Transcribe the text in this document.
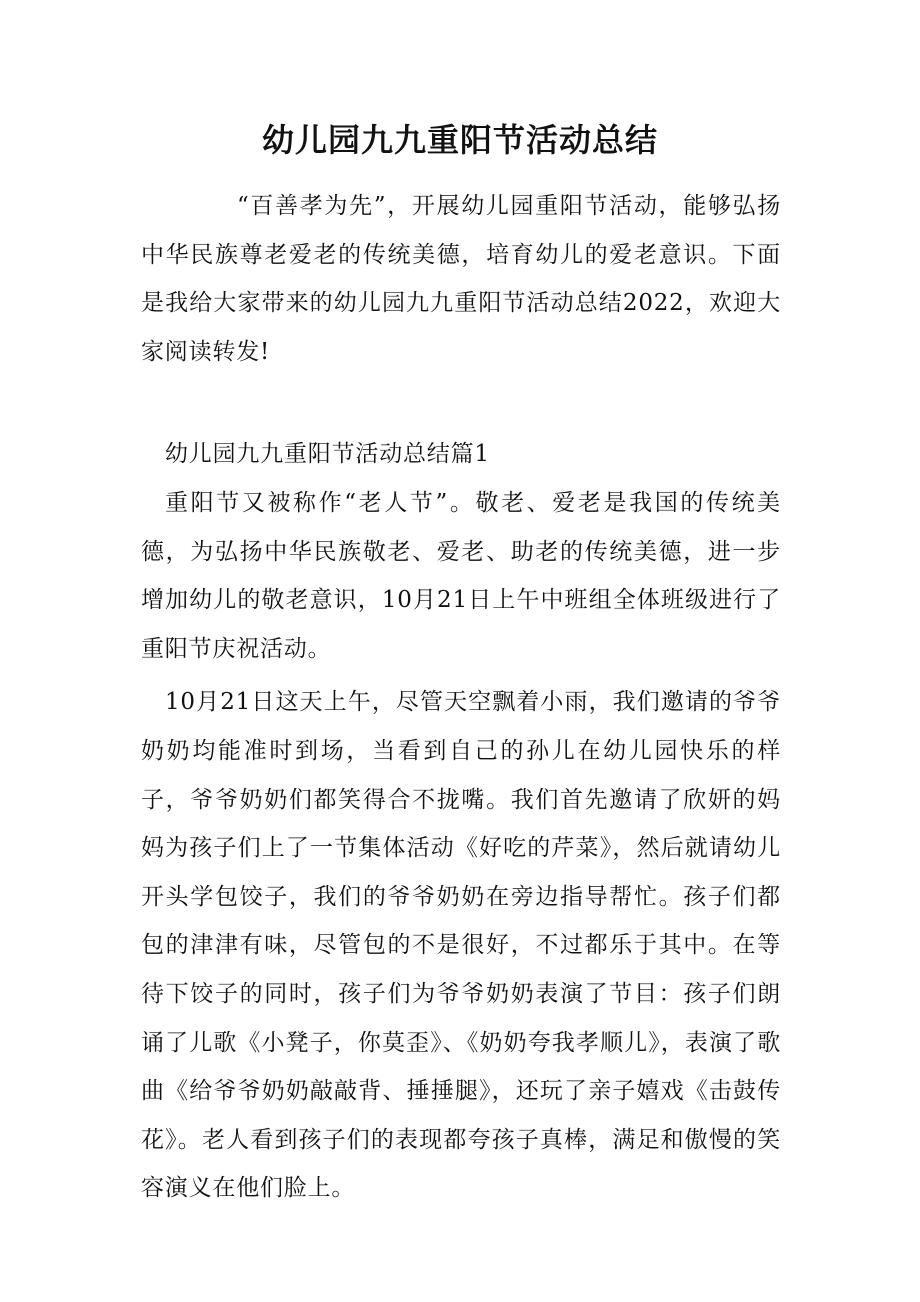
幼儿园九九重阳节活动总结

“百善孝为先”，开展幼儿园重阳节活动，能够弘扬中华民族尊老爱老的传统美德，培育幼儿的爱老意识。下面是我给大家带来的幼儿园九九重阳节活动总结2022，欢迎大家阅读转发!

幼儿园九九重阳节活动总结篇1

重阳节又被称作“老人节”。敬老、爱老是我国的传统美德，为弘扬中华民族敬老、爱老、助老的传统美德，进一步增加幼儿的敬老意识，10月21日上午中班组全体班级进行了重阳节庆祝活动。

10月21日这天上午，尽管天空飘着小雨，我们邀请的爷爷奶奶均能准时到场，当看到自己的孙儿在幼儿园快乐的样子，爷爷奶奶们都笑得合不拢嘴。我们首先邀请了欣妍的妈妈为孩子们上了一节集体活动《好吃的芹菜》，然后就请幼儿开头学包饺子，我们的爷爷奶奶在旁边指导帮忙。孩子们都包的津津有味，尽管包的不是很好，不过都乐于其中。在等待下饺子的同时，孩子们为爷爷奶奶表演了节目：孩子们朗诵了儿歌《小凳子，你莫歪》、《奶奶夸我孝顺儿》，表演了歌曲《给爷爷奶奶敲敲背、捶捶腿》，还玩了亲子嬉戏《击鼓传花》。老人看到孩子们的表现都夸孩子真棒，满足和傲慢的笑容演义在他们脸上。
